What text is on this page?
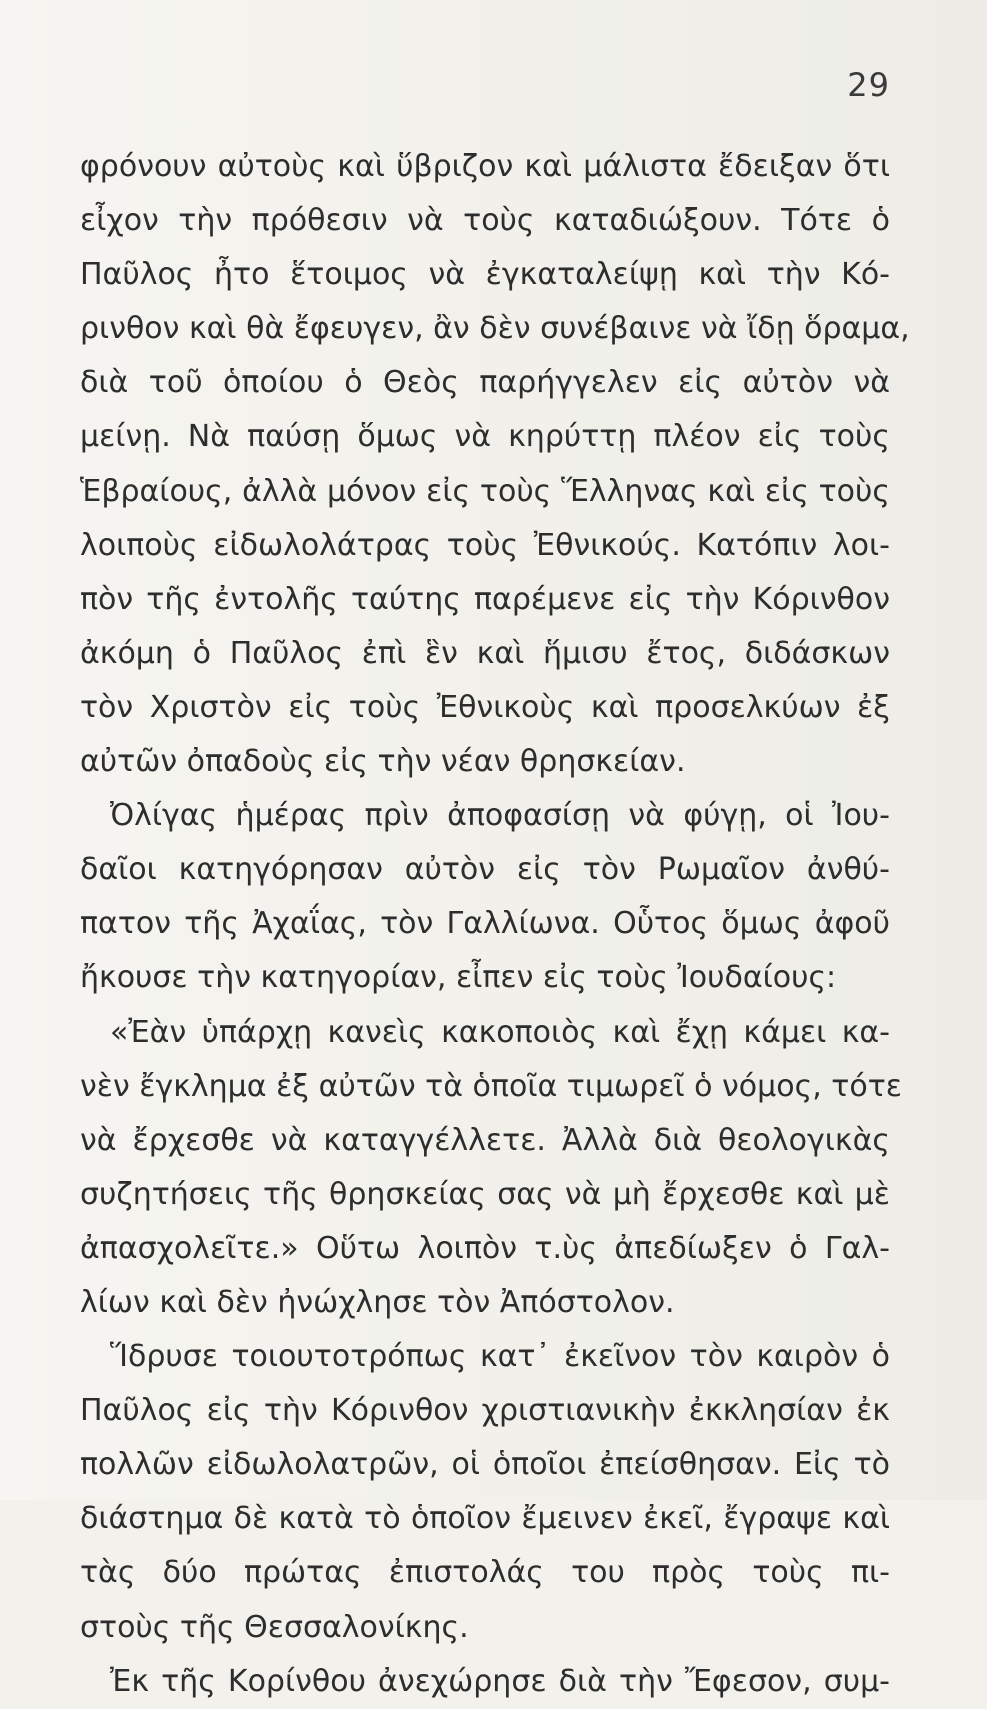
29
φρόνουν αὐτοὺς καὶ ὕβριζον καὶ μάλιστα ἔδειξαν ὅτι
εἶχον τὴν πρόθεσιν νὰ τοὺς καταδιώξουν. Τότε ὁ
Παῦλος ἦτο ἕτοιμος νὰ ἐγκαταλείψῃ καὶ τὴν Κό-
ρινθον καὶ θὰ ἔφευγεν, ἂν δὲν συνέβαινε νὰ ἴδῃ ὅραμα,
διὰ τοῦ ὁποίου ὁ Θεὸς παρήγγελεν εἰς αὐτὸν νὰ
μείνῃ. Νὰ παύσῃ ὅμως νὰ κηρύττῃ πλέον εἰς τοὺς
Ἑβραίους, ἀλλὰ μόνον εἰς τοὺς Ἕλληνας καὶ εἰς τοὺς
λοιποὺς εἰδωλολάτρας τοὺς Ἐθνικούς. Κατόπιν λοι-
πὸν τῆς ἐντολῆς ταύτης παρέμενε εἰς τὴν Κόρινθον
ἀκόμη ὁ Παῦλος ἐπὶ ἓν καὶ ἥμισυ ἔτος, διδάσκων
τὸν Χριστὸν εἰς τοὺς Ἐθνικοὺς καὶ προσελκύων ἐξ
αὐτῶν ὀπαδοὺς εἰς τὴν νέαν θρησκείαν.
Ὀλίγας ἡμέρας πρὶν ἀποφασίσῃ νὰ φύγῃ, οἱ Ἰου-
δαῖοι κατηγόρησαν αὐτὸν εἰς τὸν Ρωμαῖον ἀνθύ-
πατον τῆς Ἀχαΐας, τὸν Γαλλίωνα. Οὗτος ὅμως ἀφοῦ
ἤκουσε τὴν κατηγορίαν, εἶπεν εἰς τοὺς Ἰουδαίους:
«Ἐὰν ὑπάρχῃ κανεὶς κακοποιὸς καὶ ἔχῃ κάμει κα-
νὲν ἔγκλημα ἐξ αὐτῶν τὰ ὁποῖα τιμωρεῖ ὁ νόμος, τότε
νὰ ἔρχεσθε νὰ καταγγέλλετε. Ἀλλὰ διὰ θεολογικὰς
συζητήσεις τῆς θρησκείας σας νὰ μὴ ἔρχεσθε καὶ μὲ
ἀπασχολεῖτε.» Οὕτω λοιπὸν τ.ὺς ἀπεδίωξεν ὁ Γαλ-
λίων καὶ δὲν ἠνώχλησε τὸν Ἀπόστολον.
Ἵδρυσε τοιουτοτρόπως κατ᾿ ἐκεῖνον τὸν καιρὸν ὁ
Παῦλος εἰς τὴν Κόρινθον χριστιανικὴν ἐκκλησίαν ἐκ
πολλῶν εἰδωλολατρῶν, οἱ ὁποῖοι ἐπείσθησαν. Εἰς τὸ
διάστημα δὲ κατὰ τὸ ὁποῖον ἔμεινεν ἐκεῖ, ἔγραψε καὶ
τὰς δύο πρώτας ἐπιστολάς του πρὸς τοὺς πι-
στοὺς τῆς Θεσσαλονίκης.
Ἐκ τῆς Κορίνθου ἀνεχώρησε διὰ τὴν Ἔφεσον, συμ-
